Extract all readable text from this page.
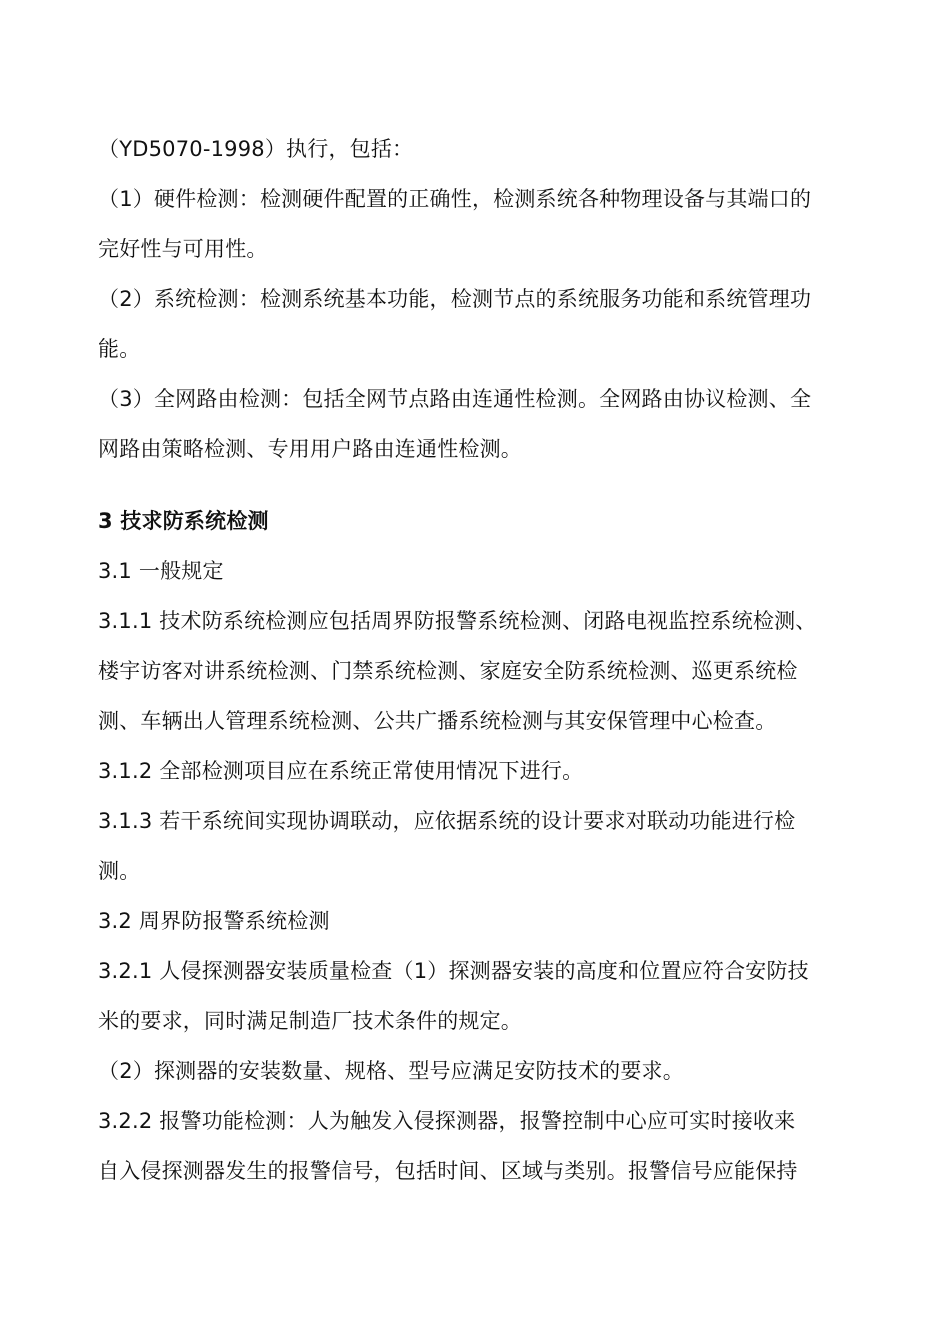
（YD5070-1998）执行，包括：
（1）硬件检测：检测硬件配置的正确性，检测系统各种物理设备与其端口的
完好性与可用性。
（2）系统检测：检测系统基本功能，检测节点的系统服务功能和系统管理功
能。
（3）全网路由检测：包括全网节点路由连通性检测。全网路由协议检测、全
网路由策略检测、专用用户路由连通性检测。
3 技求防系统检测
3.1 一般规定
3.1.1 技术防系统检测应包括周界防报警系统检测、闭路电视监控系统检测、
楼宇访客对讲系统检测、门禁系统检测、家庭安全防系统检测、巡更系统检
测、车辆出人管理系统检测、公共广播系统检测与其安保管理中心检查。
3.1.2 全部检测项目应在系统正常使用情况下进行。
3.1.3 若干系统间实现协调联动，应依据系统的设计要求对联动功能进行检
测。
3.2 周界防报警系统检测
3.2.1 人侵探测器安装质量检查（1）探测器安装的高度和位置应符合安防技
米的要求，同时满足制造厂技术条件的规定。
（2）探测器的安装数量、规格、型号应满足安防技术的要求。
3.2.2 报警功能检测：人为触发入侵探测器，报警控制中心应可实时接收来
自入侵探测器发生的报警信号，包括时间、区域与类别。报警信号应能保持
